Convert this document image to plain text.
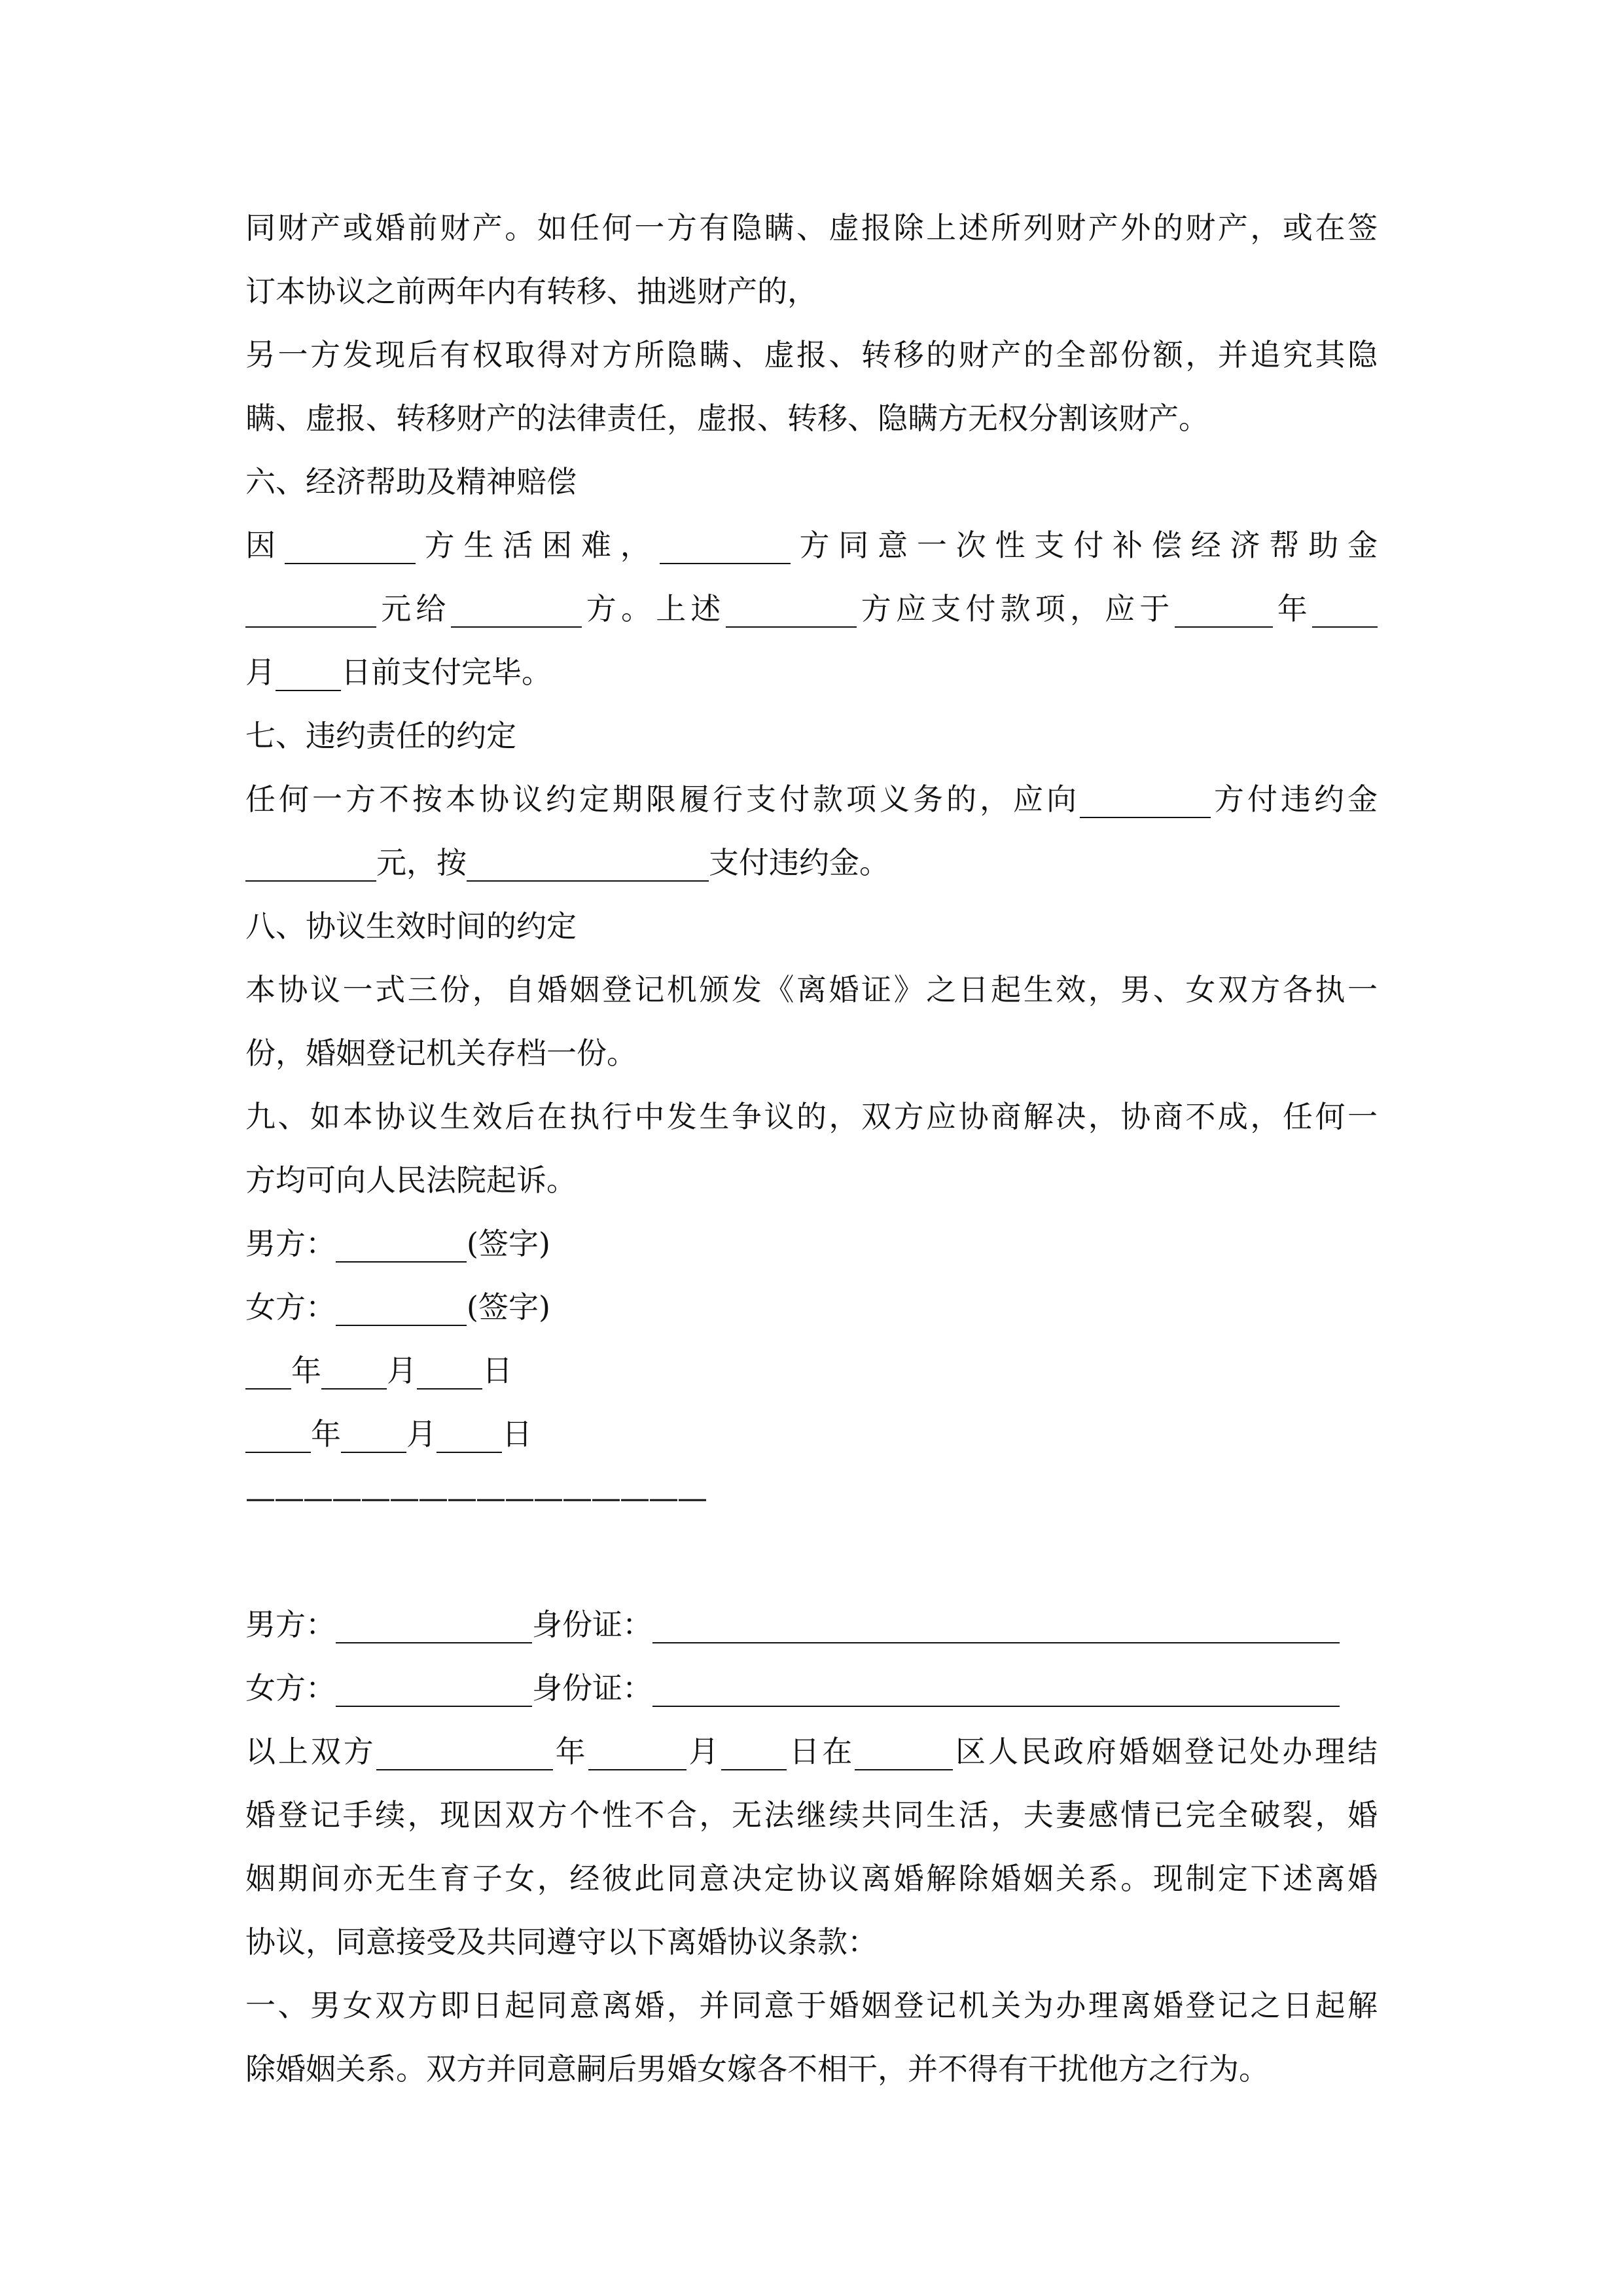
同财产或婚前财产。如任何一方有隐瞒、虚报除上述所列财产外的财产，或在签
订本协议之前两年内有转移、抽逃财产的，
另一方发现后有权取得对方所隐瞒、虚报、转移的财产的全部份额，并追究其隐
瞒、虚报、转移财产的法律责任，虚报、转移、隐瞒方无权分割该财产。
六、经济帮助及精神赔偿
因	方生活困难，	方同意一次性支付补偿经济帮助金
元给	方。上述	方应支付款项，应于	年
月 日前支付完毕。
七、违约责任的约定
任何一方不按本协议约定期限履行支付款项义务的，应向	方付违约金
元，按	支付违约金。
八、协议生效时间的约定
本协议一式三份，自婚姻登记机颁发《离婚证》之日起生效，男、女双方各执一
份，婚姻登记机关存档一份。
九、如本协议生效后在执行中发生争议的，双方应协商解决，协商不成，任何一
方均可向人民法院起诉。
男方：	(签字)
女方：	(签字)
年 月 日
年 月 日
————————————————
男方：	身份证：
女方：	身份证：
以上双方	年	月 日在	区人民政府婚姻登记处办理结
婚登记手续，现因双方个性不合，无法继续共同生活，夫妻感情已完全破裂，婚
姻期间亦无生育子女，经彼此同意决定协议离婚解除婚姻关系。现制定下述离婚
协议，同意接受及共同遵守以下离婚协议条款：
一、男女双方即日起同意离婚，并同意于婚姻登记机关为办理离婚登记之日起解
除婚姻关系。双方并同意嗣后男婚女嫁各不相干，并不得有干扰他方之行为。
